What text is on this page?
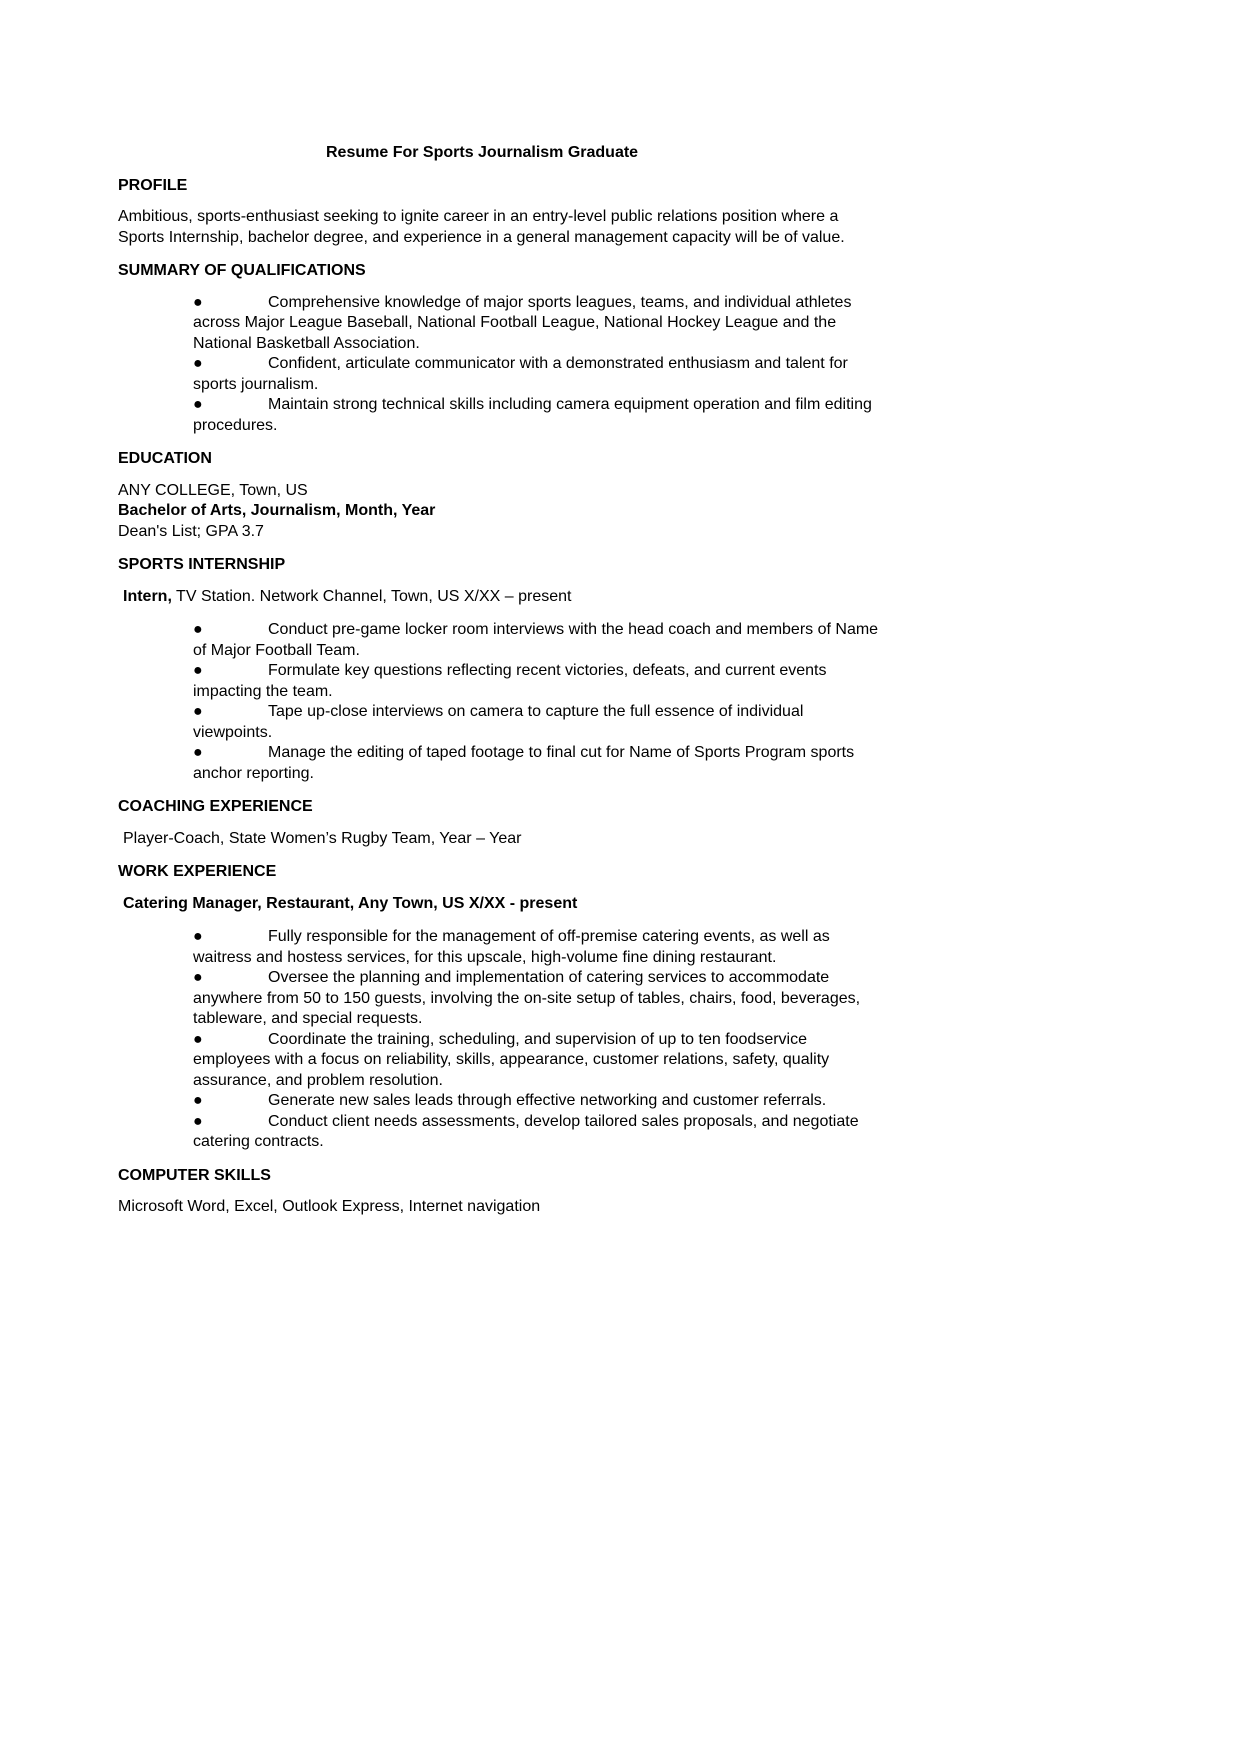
Resume For Sports Journalism Graduate
PROFILE
Ambitious, sports-enthusiast seeking to ignite career in an entry-level public relations position where a Sports Internship, bachelor degree, and experience in a general management capacity will be of value.
SUMMARY OF QUALIFICATIONS
●	Comprehensive knowledge of major sports leagues, teams, and individual athletes across Major League Baseball, National Football League, National Hockey League and the National Basketball Association.
●	Confident, articulate communicator with a demonstrated enthusiasm and talent for sports journalism.
●	Maintain strong technical skills including camera equipment operation and film editing procedures.
EDUCATION
ANY COLLEGE, Town, US
Bachelor of Arts, Journalism, Month, Year
Dean's List; GPA 3.7
SPORTS INTERNSHIP
Intern, TV Station. Network Channel, Town, US X/XX – present
●	Conduct pre-game locker room interviews with the head coach and members of Name of Major Football Team.
●	Formulate key questions reflecting recent victories, defeats, and current events impacting the team.
●	Tape up-close interviews on camera to capture the full essence of individual viewpoints.
●	Manage the editing of taped footage to final cut for Name of Sports Program sports anchor reporting.
COACHING EXPERIENCE
Player-Coach, State Women’s Rugby Team, Year – Year
WORK EXPERIENCE
Catering Manager, Restaurant, Any Town, US X/XX - present
●	Fully responsible for the management of off-premise catering events, as well as waitress and hostess services, for this upscale, high-volume fine dining restaurant.
●	Oversee the planning and implementation of catering services to accommodate anywhere from 50 to 150 guests, involving the on-site setup of tables, chairs, food, beverages, tableware, and special requests.
●	Coordinate the training, scheduling, and supervision of up to ten foodservice employees with a focus on reliability, skills, appearance, customer relations, safety, quality assurance, and problem resolution.
●	Generate new sales leads through effective networking and customer referrals.
●	Conduct client needs assessments, develop tailored sales proposals, and negotiate catering contracts.
COMPUTER SKILLS
Microsoft Word, Excel, Outlook Express, Internet navigation
